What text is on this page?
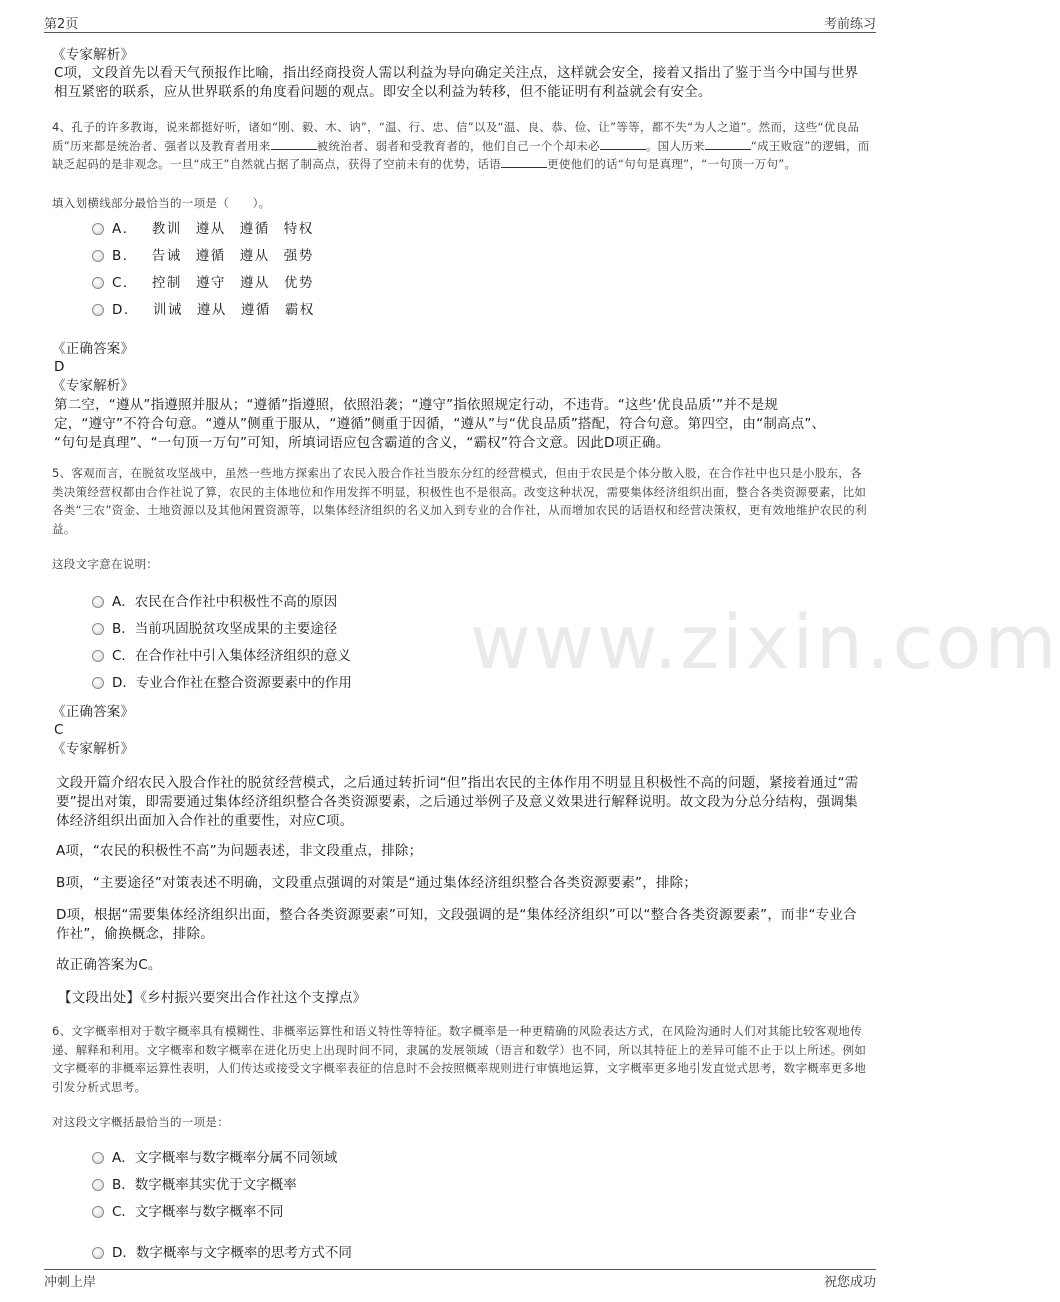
第2页	考前练习
《专家解析》
C项，文段首先以看天气预报作比喻，指出经商投资人需以利益为导向确定关注点，这样就会安全，接着又指出了鉴于当今中国与世界相互紧密的联系，应从世界联系的角度看问题的观点。即安全以利益为转移，但不能证明有利益就会有安全。
4、孔子的许多教诲，说来都挺好听，诸如“刚、毅、木、讷”，“温、行、忠、信”以及“温、良、恭、俭、让”等等，都不失“为人之道”。然而，这些“优良品质”历来都是统治者、强者以及教育者用来	被统治者、弱者和受教育者的，他们自己一个个却未必	。国人历来	“成王败寇”的逻辑，而缺乏起码的是非观念。一旦“成王”自然就占据了制高点，获得了空前未有的优势，话语	更使他们的话“句句是真理”，“一句顶一万句”。
填入划横线部分最恰当的一项是（　　）。
A． 教训 遵从 遵循 特权
B． 告诫 遵循 遵从 强势
C． 控制 遵守 遵从 优势
D． 训诫 遵从 遵循 霸权
《正确答案》
D
《专家解析》
第二空，“遵从”指遵照并服从；“遵循”指遵照，依照沿袭；“遵守”指依照规定行动，不违背。“这些‘优良品质’”并不是规
定，“遵守”不符合句意。“遵从”侧重于服从，“遵循”侧重于因循，“遵从”与“优良品质”搭配，符合句意。第四空，由“制高点”、
“句句是真理”、“一句顶一万句”可知，所填词语应包含霸道的含义，“霸权”符合文意。因此D项正确。
5、客观而言，在脱贫攻坚战中，虽然一些地方探索出了农民入股合作社当股东分红的经营模式，但由于农民是个体分散入股，在合作社中也只是小股东，各类决策经营权都由合作社说了算，农民的主体地位和作用发挥不明显，积极性也不是很高。改变这种状况，需要集体经济组织出面，整合各类资源要素，比如各类“三农”资金、土地资源以及其他闲置资源等，以集体经济组织的名义加入到专业的合作社，从而增加农民的话语权和经营决策权，更有效地维护农民的利益。
这段文字意在说明：
A． 农民在合作社中积极性不高的原因
B． 当前巩固脱贫攻坚成果的主要途径
C． 在合作社中引入集体经济组织的意义
D． 专业合作社在整合资源要素中的作用
《正确答案》
C
《专家解析》
文段开篇介绍农民入股合作社的脱贫经营模式，之后通过转折词“但”指出农民的主体作用不明显且积极性不高的问题，紧接着通过“需要”提出对策，即需要通过集体经济组织整合各类资源要素，之后通过举例子及意义效果进行解释说明。故文段为分总分结构，强调集体经济组织出面加入合作社的重要性，对应C项。
A项，“农民的积极性不高”为问题表述，非文段重点，排除；
B项，“主要途径”对策表述不明确，文段重点强调的对策是“通过集体经济组织整合各类资源要素”，排除；
D项，根据“需要集体经济组织出面，整合各类资源要素”可知，文段强调的是“集体经济组织”可以“整合各类资源要素”，而非“专业合作社”，偷换概念，排除。
故正确答案为C。
【文段出处】《乡村振兴要突出合作社这个支撑点》
6、文字概率相对于数字概率具有模糊性、非概率运算性和语义特性等特征。数字概率是一种更精确的风险表达方式，在风险沟通时人们对其能比较客观地传递、解释和利用。文字概率和数字概率在进化历史上出现时间不同，隶属的发展领域（语言和数学）也不同，所以其特征上的差异可能不止于以上所述。例如文字概率的非概率运算性表明，人们传达或接受文字概率表征的信息时不会按照概率规则进行审慎地运算，文字概率更多地引发直觉式思考，数字概率更多地引发分析式思考。
对这段文字概括最恰当的一项是：
A． 文字概率与数字概率分属不同领域
B． 数字概率其实优于文字概率
C． 文字概率与数字概率不同
D． 数字概率与文字概率的思考方式不同
www.zixin.com
冲刺上岸	祝您成功
